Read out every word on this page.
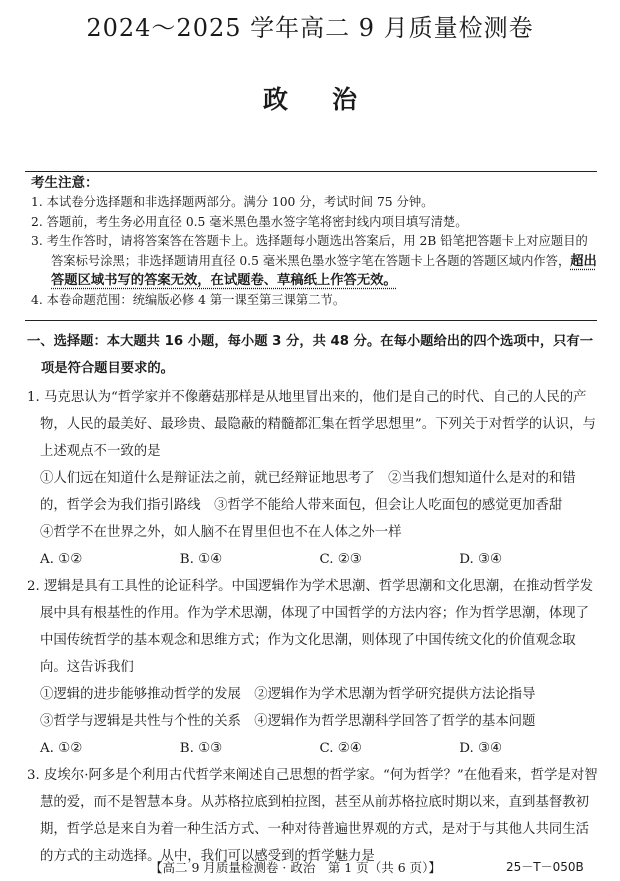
2024～2025 学年高二 9 月质量检测卷
政治
考生注意：
1. 本试卷分选择题和非选择题两部分。满分 100 分，考试时间 75 分钟。
2. 答题前，考生务必用直径 0.5 毫米黑色墨水签字笔将密封线内项目填写清楚。
3. 考生作答时，请将答案答在答题卡上。选择题每小题选出答案后，用 2B 铅笔把答题卡上对应题目的答案标号涂黑；非选择题请用直径 0.5 毫米黑色墨水签字笔在答题卡上各题的答题区域内作答，超出答题区域书写的答案无效，在试题卷、草稿纸上作答无效。
4. 本卷命题范围：统编版必修 4 第一课至第三课第二节。
一、选择题：本大题共 16 小题，每小题 3 分，共 48 分。在每小题给出的四个选项中，只有一项是符合题目要求的。
1. 马克思认为“哲学家并不像蘑菇那样是从地里冒出来的，他们是自己的时代、自己的人民的产物，人民的最美好、最珍贵、最隐蔽的精髓都汇集在哲学思想里”。下列关于对哲学的认识，与上述观点不一致的是
①人们远在知道什么是辩证法之前，就已经辩证地思考了　②当我们想知道什么是对的和错的，哲学会为我们指引路线　③哲学不能给人带来面包，但会让人吃面包的感觉更加香甜
④哲学不在世界之外，如人脑不在胃里但也不在人体之外一样
A. ①②	B. ①④	C. ②③	D. ③④
2. 逻辑是具有工具性的论证科学。中国逻辑作为学术思潮、哲学思潮和文化思潮，在推动哲学发展中具有根基性的作用。作为学术思潮，体现了中国哲学的方法内容；作为哲学思潮，体现了中国传统哲学的基本观念和思维方式；作为文化思潮，则体现了中国传统文化的价值观念取向。这告诉我们
①逻辑的进步能够推动哲学的发展　②逻辑作为学术思潮为哲学研究提供方法论指导
③哲学与逻辑是共性与个性的关系　④逻辑作为哲学思潮科学回答了哲学的基本问题
A. ①②	B. ①③	C. ②④	D. ③④
3. 皮埃尔·阿多是个利用古代哲学来阐述自己思想的哲学家。“何为哲学？”在他看来，哲学是对智慧的爱，而不是智慧本身。从苏格拉底到柏拉图，甚至从前苏格拉底时期以来，直到基督教初期，哲学总是来自为着一种生活方式、一种对待普遍世界观的方式，是对于与其他人共同生活的方式的主动选择。从中，我们可以感受到的哲学魅力是
【高二 9 月质量检测卷 · 政治　第 1 页（共 6 页）】	25－T－050B
